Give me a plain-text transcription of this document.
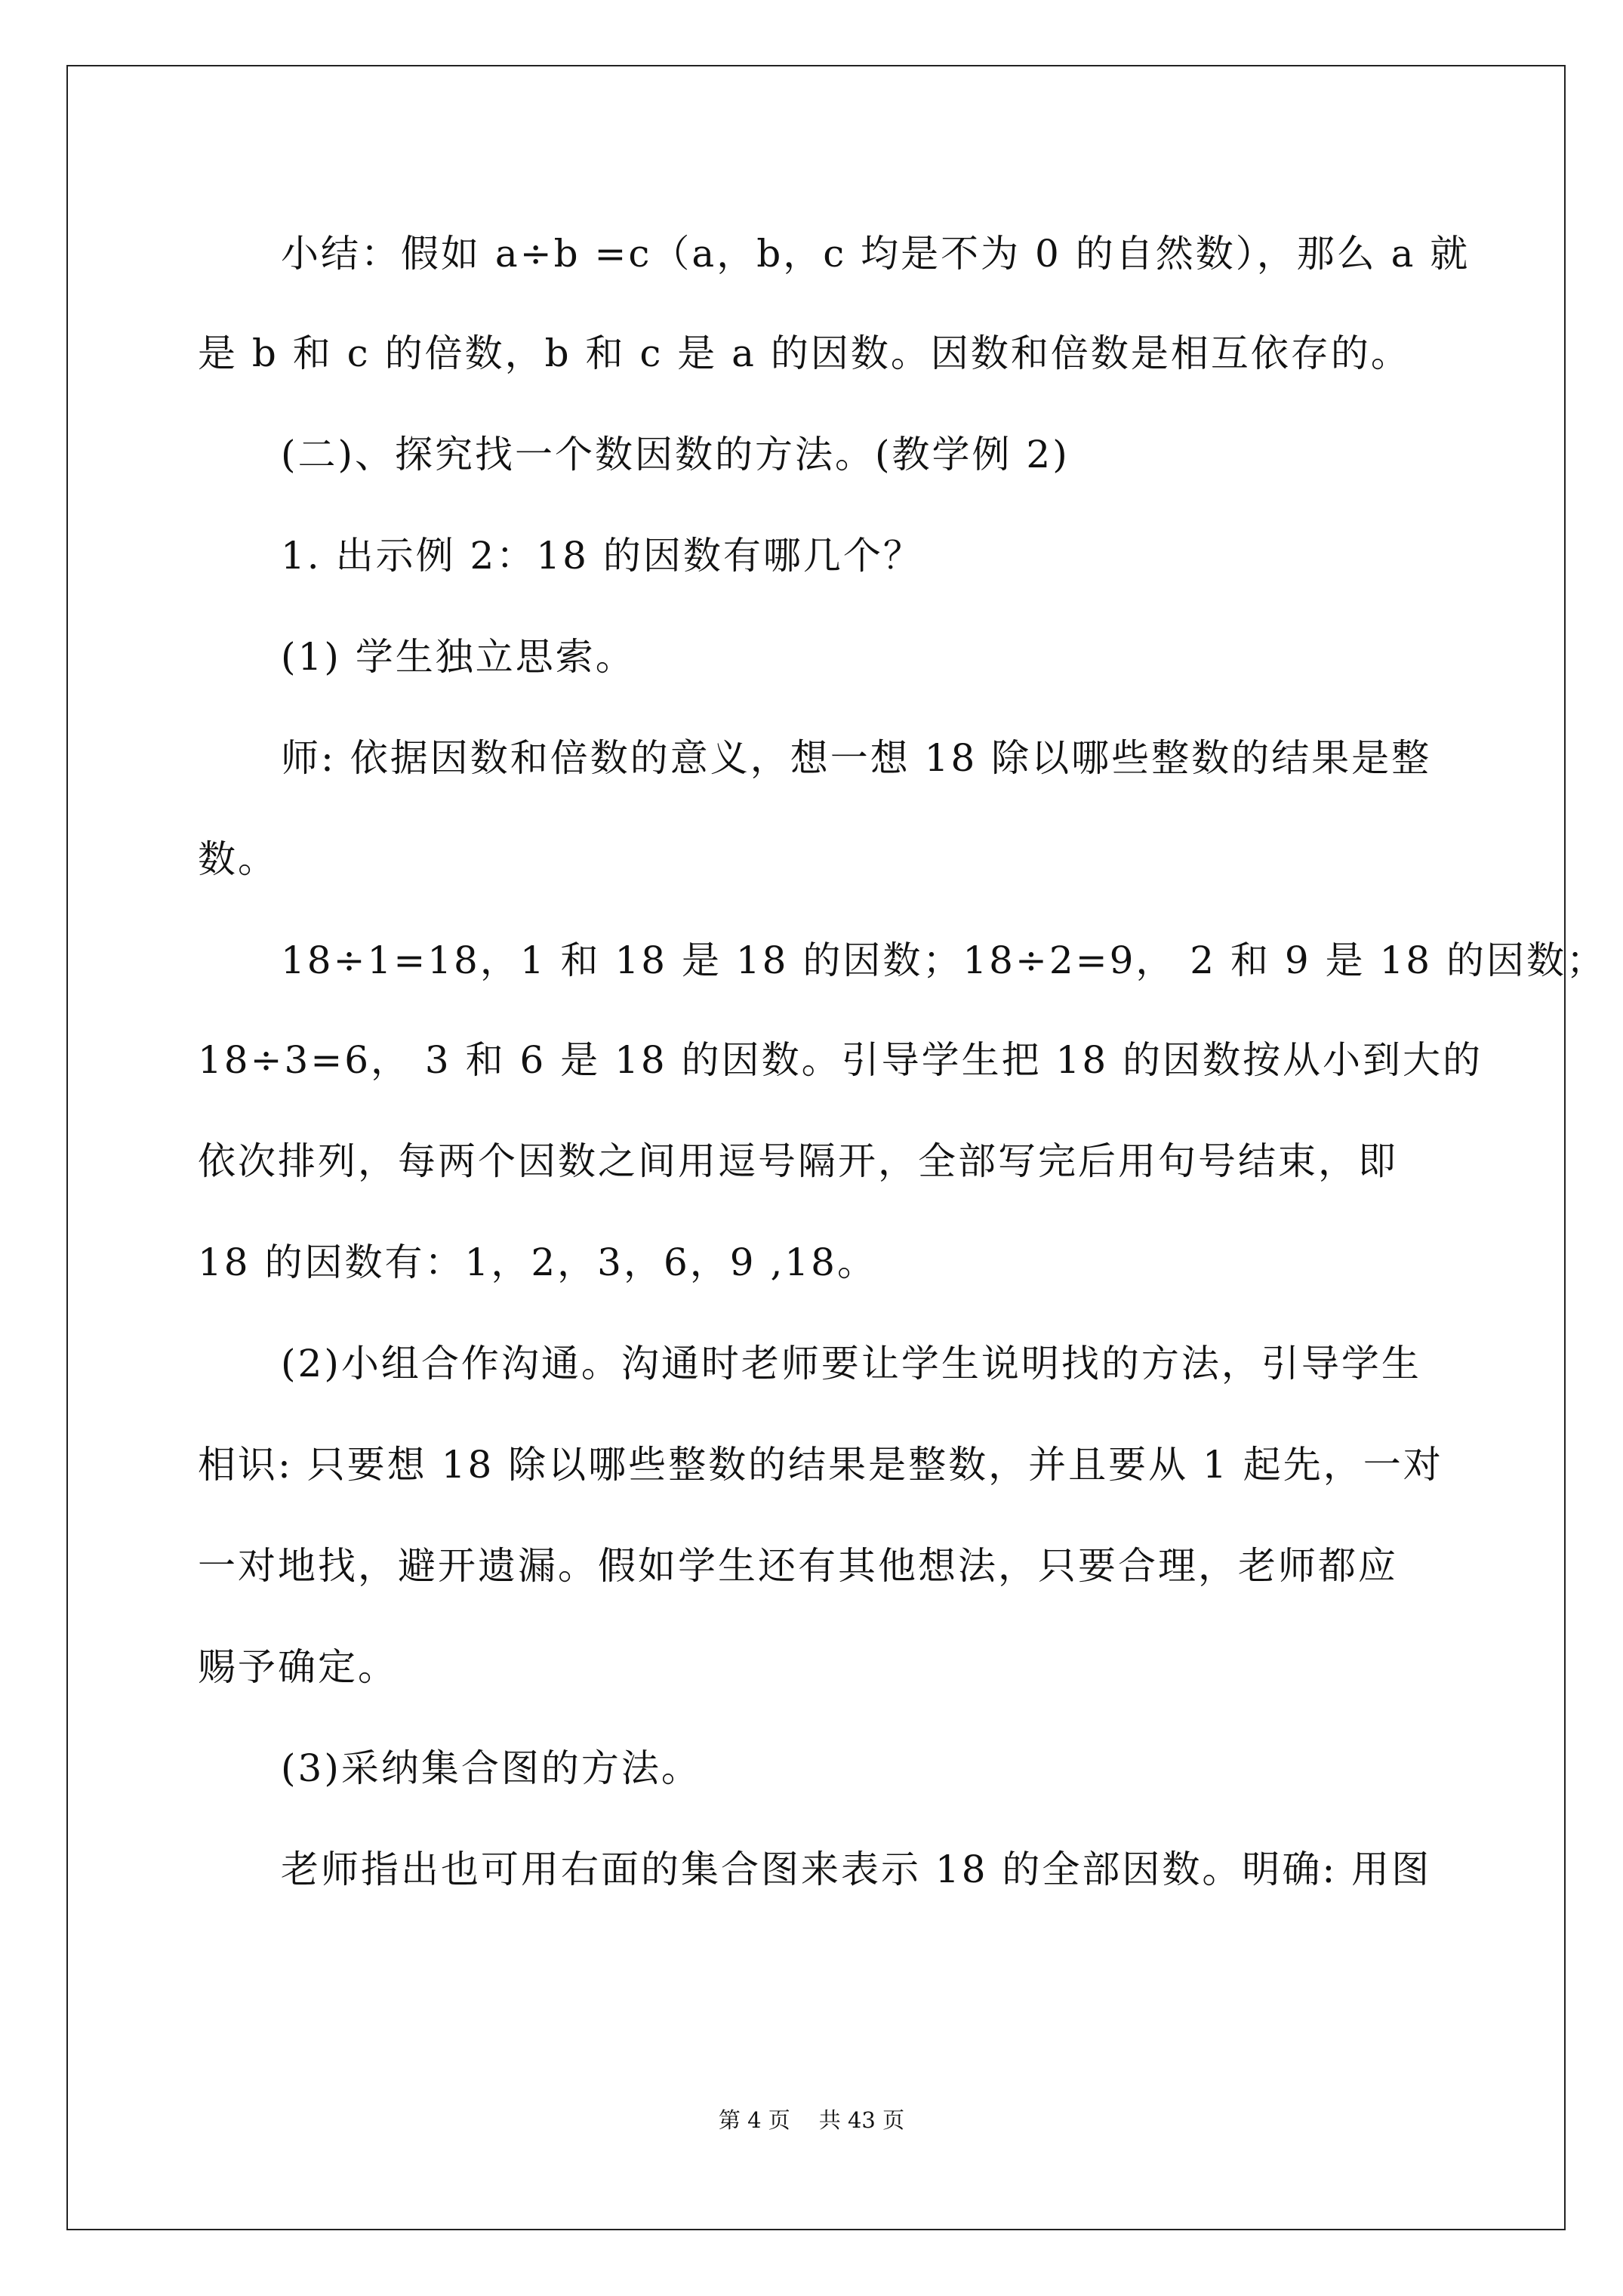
小结：假如 a÷b =c（a，b，c 均是不为 0 的自然数），那么 a 就
是 b 和 c 的倍数，b 和 c 是 a 的因数。因数和倍数是相互依存的。
(二)、探究找一个数因数的方法。(教学例 2)
1. 出示例 2：18 的因数有哪几个？
(1) 学生独立思索。
师: 依据因数和倍数的意义，想一想 18 除以哪些整数的结果是整
数。
18÷1=18，1 和 18 是 18 的因数；18÷2=9， 2 和 9 是 18 的因数；
18÷3=6， 3 和 6 是 18 的因数。引导学生把 18 的因数按从小到大的
依次排列，每两个因数之间用逗号隔开，全部写完后用句号结束，即
18 的因数有：1，2，3，6，9 ,18。
(2)小组合作沟通。沟通时老师要让学生说明找的方法，引导学生
相识: 只要想 18 除以哪些整数的结果是整数，并且要从 1 起先，一对
一对地找，避开遗漏。假如学生还有其他想法，只要合理，老师都应
赐予确定。
(3)采纳集合图的方法。
老师指出也可用右面的集合图来表示 18 的全部因数。明确: 用图
第 4 页 共 43 页
